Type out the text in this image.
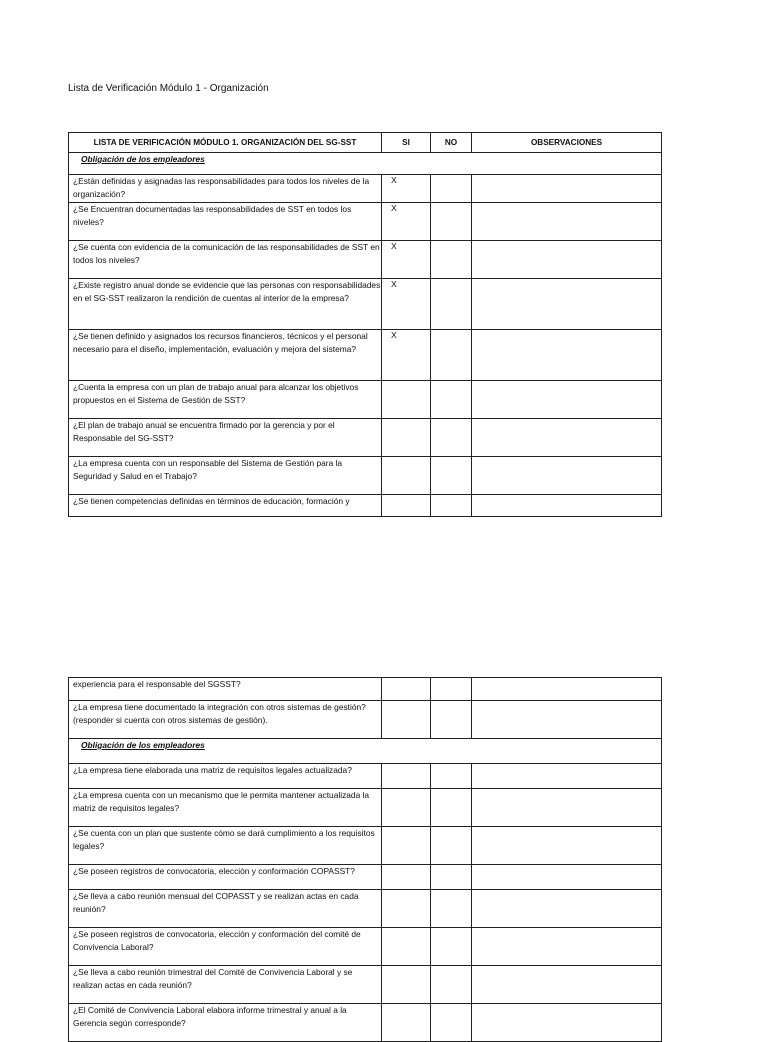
Lista de Verificación Módulo 1 - Organización
LISTA DE VERIFICACIÓN MÓDULO 1. ORGANIZACIÓN DEL SG-SST	SI	NO	OBSERVACIONES
Obligación de los empleadores			
¿Están definidas y asignadas las responsabilidades para todos los niveles de la organización?	X		

¿Se Encuentran documentadas las responsabilidades de SST en todos los niveles?	X		

¿Se cuenta con evidencia de la comunicación de las responsabilidades de SST en todos los niveles?	X		

¿Existe registro anual donde se evidencie que las personas con responsabilidades en el SG-SST realizaron la rendición de cuentas al interior de la empresa?	X		

¿Se tienen definido y asignados los recursos financieros, técnicos y el personal necesario para el diseño, implementación, evaluación y mejora del sistema?	X		

¿Cuenta la empresa con un plan de trabajo anual para alcanzar los objetivos propuestos en el Sistema de Gestión de SST?	

¿El plan de trabajo anual se encuentra firmado por la gerencia y por el Responsable del SG-SST?	

¿La empresa cuenta con un responsable del Sistema de Gestión para la Seguridad y Salud en el Trabajo?	

¿Se tienen competencias definidas en términos de educación, formación y	

experiencia para el responsable del SGSST?	

¿La empresa tiene documentado la integración con otros sistemas de gestión? (responder si cuenta con otros sistemas de gestión).	

Obligación de los empleadores			
¿La empresa tiene elaborada una matriz de requisitos legales actualizada?	

¿La empresa cuenta con un mecanismo que le permita mantener actualizada la matriz de requisitos legales?	

¿Se cuenta con un plan que sustente cómo se dará cumplimiento a los requisitos legales?	

¿Se poseen registros de convocatoria, elección y conformación COPASST?	

¿Se lleva a cabo reunión mensual del COPASST y se realizan actas en cada reunión?	

¿Se poseen registros de convocatoria, elección y conformación del comité de Convivencia Laboral?	

¿Se lleva a cabo reunión trimestral del Comité de Convivencia Laboral y se realizan actas en cada reunión?	

¿El Comité de Convivencia Laboral elabora informe trimestral y anual a la Gerencia según corresponde?	
